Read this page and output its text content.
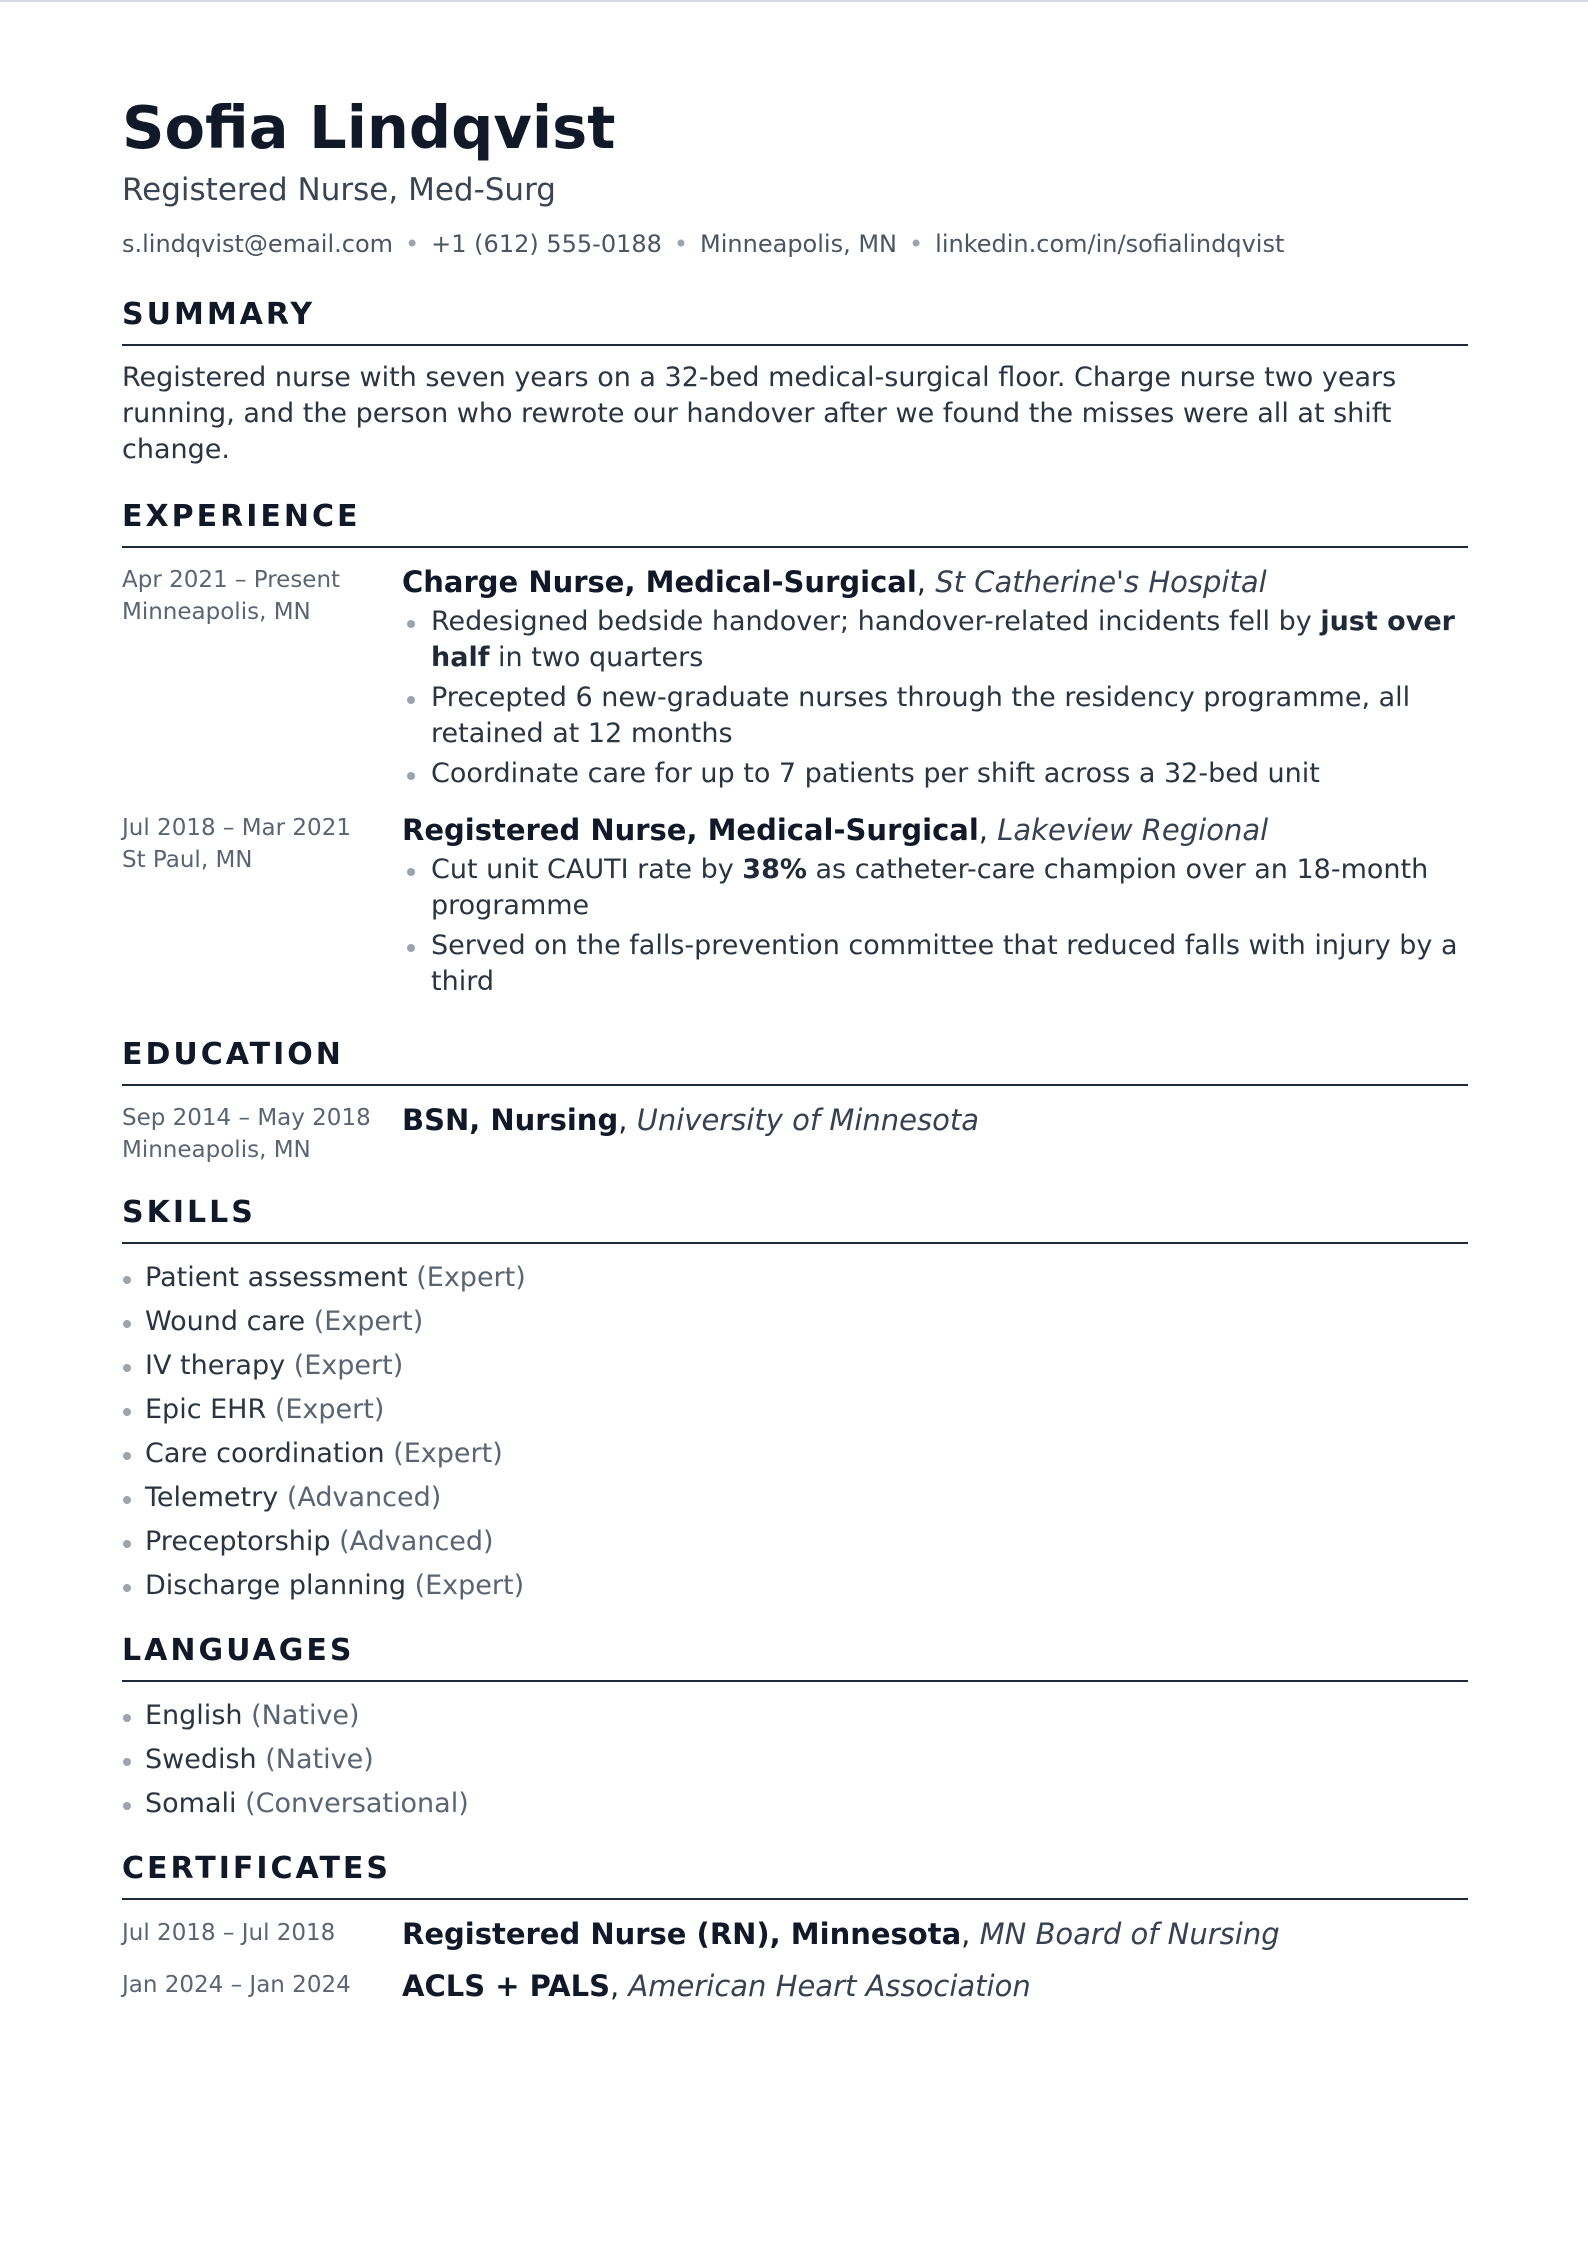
Sofia Lindqvist
Registered Nurse, Med-Surg
s.lindqvist@email.com • +1 (612) 555-0188 • Minneapolis, MN • linkedin.com/in/sofialindqvist
SUMMARY
Registered nurse with seven years on a 32-bed medical-surgical floor. Charge nurse two years running, and the person who rewrote our handover after we found the misses were all at shift change.
EXPERIENCE
Apr 2021 – Present
Minneapolis, MN
Charge Nurse, Medical-Surgical, St Catherine's Hospital
Redesigned bedside handover; handover-related incidents fell by just over half in two quarters
Precepted 6 new-graduate nurses through the residency programme, all retained at 12 months
Coordinate care for up to 7 patients per shift across a 32-bed unit
Jul 2018 – Mar 2021
St Paul, MN
Registered Nurse, Medical-Surgical, Lakeview Regional
Cut unit CAUTI rate by 38% as catheter-care champion over an 18-month programme
Served on the falls-prevention committee that reduced falls with injury by a third
EDUCATION
Sep 2014 – May 2018
Minneapolis, MN
BSN, Nursing, University of Minnesota
SKILLS
Patient assessment (Expert)
Wound care (Expert)
IV therapy (Expert)
Epic EHR (Expert)
Care coordination (Expert)
Telemetry (Advanced)
Preceptorship (Advanced)
Discharge planning (Expert)
LANGUAGES
English (Native)
Swedish (Native)
Somali (Conversational)
CERTIFICATES
Jul 2018 – Jul 2018 Registered Nurse (RN), Minnesota, MN Board of Nursing
Jan 2024 – Jan 2024 ACLS + PALS, American Heart Association
